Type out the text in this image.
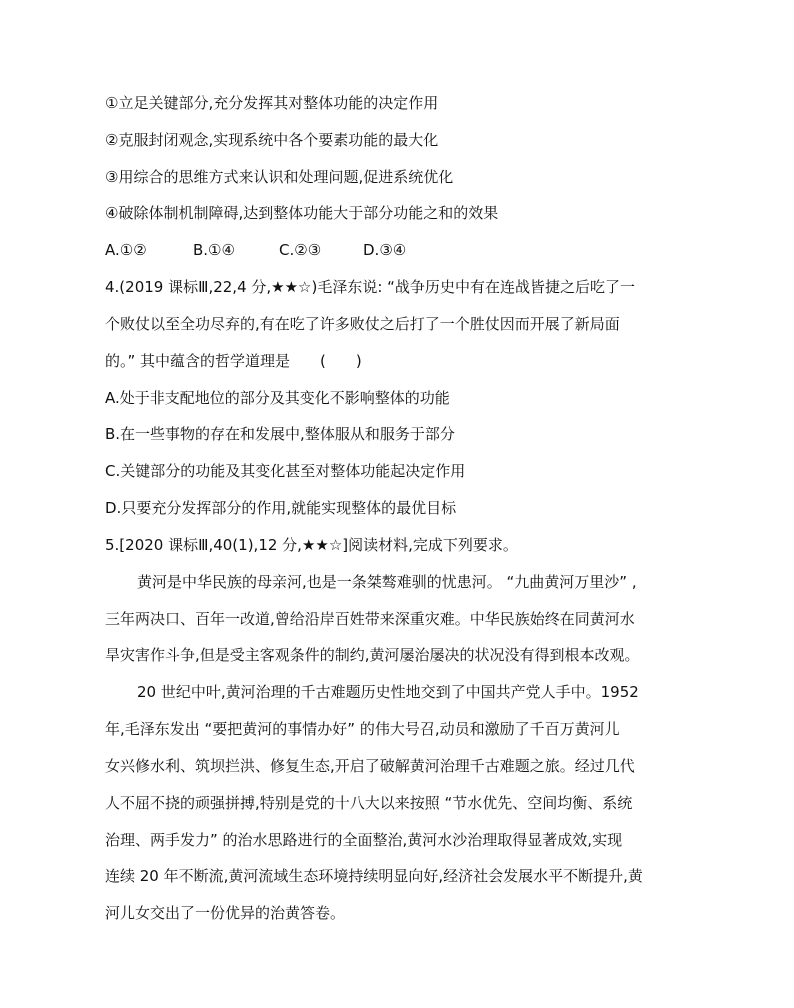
①立足关键部分,充分发挥其对整体功能的决定作用
②克服封闭观念,实现系统中各个要素功能的最大化
③用综合的思维方式来认识和处理问题,促进系统优化
④破除体制机制障碍,达到整体功能大于部分功能之和的效果
A.①②	B.①④	C.②③	D.③④
4.(2019 课标Ⅲ,22,4 分,★★☆)毛泽东说: “战争历史中有在连战皆捷之后吃了一
个败仗以至全功尽弃的,有在吃了许多败仗之后打了一个胜仗因而开展了新局面
的。” 其中蕴含的哲学道理是　　(　　)
A.处于非支配地位的部分及其变化不影响整体的功能
B.在一些事物的存在和发展中,整体服从和服务于部分
C.关键部分的功能及其变化甚至对整体功能起决定作用
D.只要充分发挥部分的作用,就能实现整体的最优目标
5.[2020 课标Ⅲ,40(1),12 分,★★☆]阅读材料,完成下列要求。
黄河是中华民族的母亲河,也是一条桀骜难驯的忧患河。 “九曲黄河万里沙” ,
三年两决口、百年一改道,曾给沿岸百姓带来深重灾难。中华民族始终在同黄河水
旱灾害作斗争,但是受主客观条件的制约,黄河屡治屡决的状况没有得到根本改观。
20 世纪中叶,黄河治理的千古难题历史性地交到了中国共产党人手中。1952
年,毛泽东发出 “要把黄河的事情办好” 的伟大号召,动员和激励了千百万黄河儿
女兴修水利、筑坝拦洪、修复生态,开启了破解黄河治理千古难题之旅。经过几代
人不屈不挠的顽强拼搏,特别是党的十八大以来按照 “节水优先、空间均衡、系统
治理、两手发力” 的治水思路进行的全面整治,黄河水沙治理取得显著成效,实现
连续 20 年不断流,黄河流域生态环境持续明显向好,经济社会发展水平不断提升,黄
河儿女交出了一份优异的治黄答卷。
